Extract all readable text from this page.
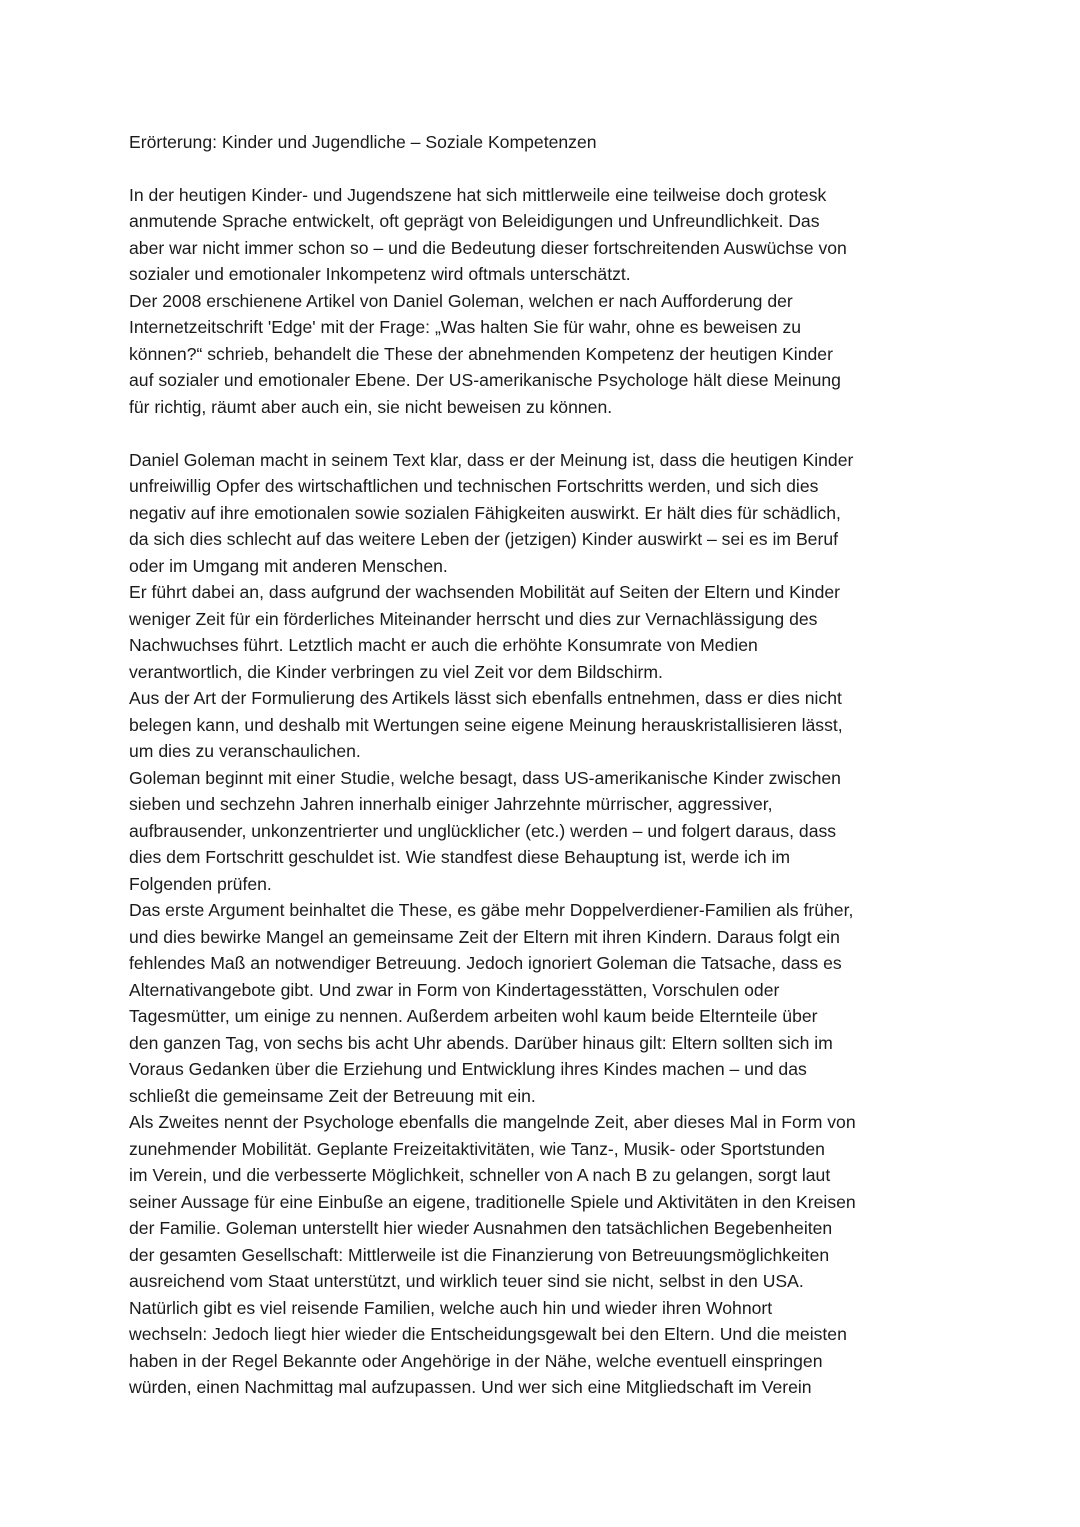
Erörterung: Kinder und Jugendliche – Soziale Kompetenzen
In der heutigen Kinder- und Jugendszene hat sich mittlerweile eine teilweise doch grotesk
anmutende Sprache entwickelt, oft geprägt von Beleidigungen und Unfreundlichkeit. Das
aber war nicht immer schon so – und die Bedeutung dieser fortschreitenden Auswüchse von
sozialer und emotionaler Inkompetenz wird oftmals unterschätzt.
Der 2008 erschienene Artikel von Daniel Goleman, welchen er nach Aufforderung der
Internetzeitschrift 'Edge' mit der Frage: „Was halten Sie für wahr, ohne es beweisen zu
können?“ schrieb, behandelt die These der abnehmenden Kompetenz der heutigen Kinder
auf sozialer und emotionaler Ebene. Der US-amerikanische Psychologe hält diese Meinung
für richtig, räumt aber auch ein, sie nicht beweisen zu können.
Daniel Goleman macht in seinem Text klar, dass er der Meinung ist, dass die heutigen Kinder
unfreiwillig Opfer des wirtschaftlichen und technischen Fortschritts werden, und sich dies
negativ auf ihre emotionalen sowie sozialen Fähigkeiten auswirkt. Er hält dies für schädlich,
da sich dies schlecht auf das weitere Leben der (jetzigen) Kinder auswirkt – sei es im Beruf
oder im Umgang mit anderen Menschen.
Er führt dabei an, dass aufgrund der wachsenden Mobilität auf Seiten der Eltern und Kinder
weniger Zeit für ein förderliches Miteinander herrscht und dies zur Vernachlässigung des
Nachwuchses führt. Letztlich macht er auch die erhöhte Konsumrate von Medien
verantwortlich, die Kinder verbringen zu viel Zeit vor dem Bildschirm.
Aus der Art der Formulierung des Artikels lässt sich ebenfalls entnehmen, dass er dies nicht
belegen kann, und deshalb mit Wertungen seine eigene Meinung herauskristallisieren lässt,
um dies zu veranschaulichen.
Goleman beginnt mit einer Studie, welche besagt, dass US-amerikanische Kinder zwischen
sieben und sechzehn Jahren innerhalb einiger Jahrzehnte mürrischer, aggressiver,
aufbrausender, unkonzentrierter und unglücklicher (etc.) werden – und folgert daraus, dass
dies dem Fortschritt geschuldet ist. Wie standfest diese Behauptung ist, werde ich im
Folgenden prüfen.
Das erste Argument beinhaltet die These, es gäbe mehr Doppelverdiener-Familien als früher,
und dies bewirke Mangel an gemeinsame Zeit der Eltern mit ihren Kindern. Daraus folgt ein
fehlendes Maß an notwendiger Betreuung. Jedoch ignoriert Goleman die Tatsache, dass es
Alternativangebote gibt. Und zwar in Form von Kindertagesstätten, Vorschulen oder
Tagesmütter, um einige zu nennen. Außerdem arbeiten wohl kaum beide Elternteile über
den ganzen Tag, von sechs bis acht Uhr abends. Darüber hinaus gilt: Eltern sollten sich im
Voraus Gedanken über die Erziehung und Entwicklung ihres Kindes machen – und das
schließt die gemeinsame Zeit der Betreuung mit ein.
Als Zweites nennt der Psychologe ebenfalls die mangelnde Zeit, aber dieses Mal in Form von
zunehmender Mobilität. Geplante Freizeitaktivitäten, wie Tanz-, Musik- oder Sportstunden
im Verein, und die verbesserte Möglichkeit, schneller von A nach B zu gelangen, sorgt laut
seiner Aussage für eine Einbuße an eigene, traditionelle Spiele und Aktivitäten in den Kreisen
der Familie. Goleman unterstellt hier wieder Ausnahmen den tatsächlichen Begebenheiten
der gesamten Gesellschaft: Mittlerweile ist die Finanzierung von Betreuungsmöglichkeiten
ausreichend vom Staat unterstützt, und wirklich teuer sind sie nicht, selbst in den USA.
Natürlich gibt es viel reisende Familien, welche auch hin und wieder ihren Wohnort
wechseln: Jedoch liegt hier wieder die Entscheidungsgewalt bei den Eltern. Und die meisten
haben in der Regel Bekannte oder Angehörige in der Nähe, welche eventuell einspringen
würden, einen Nachmittag mal aufzupassen. Und wer sich eine Mitgliedschaft im Verein
